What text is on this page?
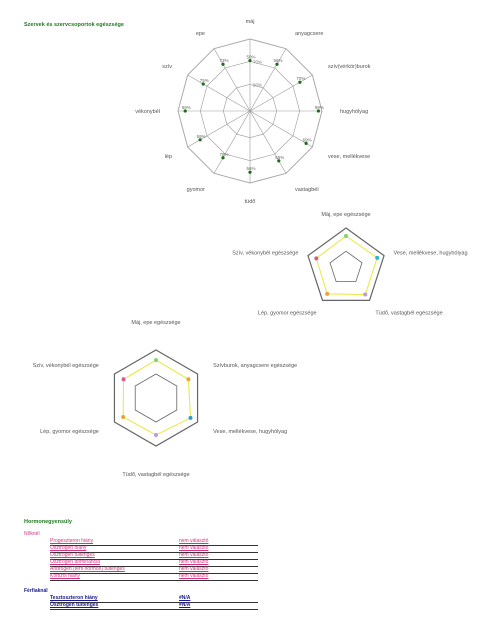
Szervek és szervcsoportok egészsége
50%
70%
máj
anyagcsere
szív(vérkör)burok
hugyhólyag
vese, mellékvese
vastagbél
tüdő
gyomor
lép
vékonybél
szív
epe
50%
56%
70%
99%
69%
65%
56%
78%
59%
59%
75%
73%
Máj, epe egészsége
Vese, mellékvese, hugyhólyag
Tüdő, vastagbél egészsége
Lép, gyomor egészsége
Szív, vékonybél egészsége
Máj, epe egészsége
Szívburok, anyagcsere egészsége
Vese, mellékvese, hugyhólyag
Tüdő, vastagbél egészsége
Lép, gyomor egészsége
Szív, vékonybél egészsége
Hormonegyensúly
Nőknél
Progeszteron hiány	nem választó
Ösztrogén hiány	nem választó
Ösztrogén túltengés	nem választó
Ösztrogén dominancia	nem választó
Androgén (férfi hormon) túltengés	nem választó
Kortizol hiány	nem választó
Férfiaknál
Tesztoszteron hiány	#N/A
Ösztrogén túltengés	#N/A
